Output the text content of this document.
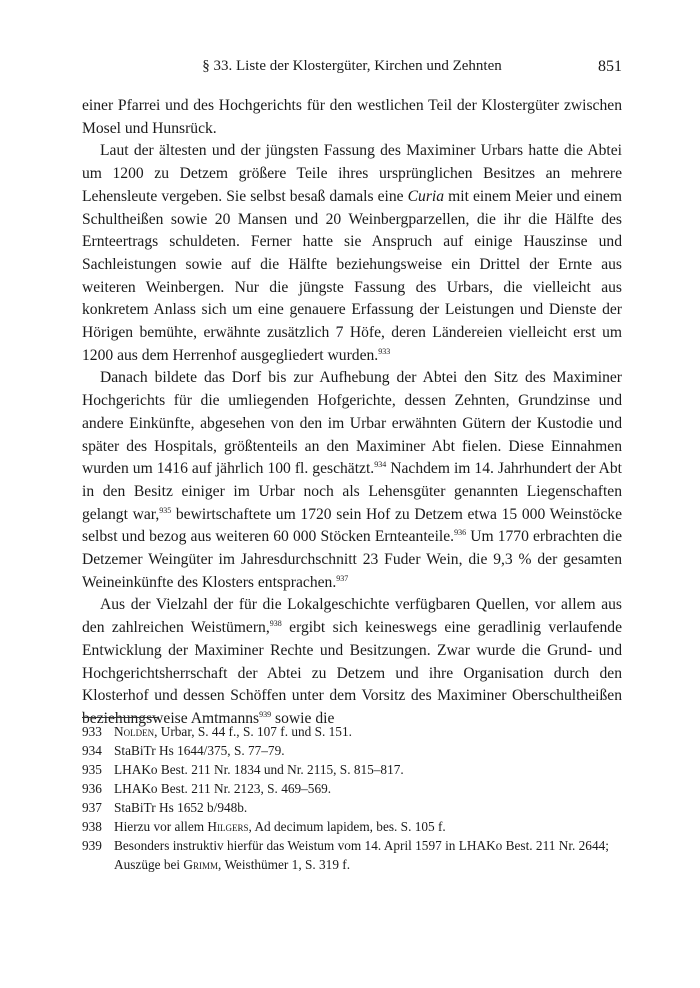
§ 33. Liste der Klostergüter, Kirchen und Zehnten	851

einer Pfarrei und des Hochgerichts für den westlichen Teil der Klostergüter zwischen Mosel und Hunsrück.

Laut der ältesten und der jüngsten Fassung des Maximiner Urbars hatte die Abtei um 1200 zu Detzem größere Teile ihres ursprünglichen Besitzes an mehrere Lehensleute vergeben. Sie selbst besaß damals eine Curia mit einem Meier und einem Schultheißen sowie 20 Mansen und 20 Weinbergparzellen, die ihr die Hälfte des Ernteertrags schuldeten. Ferner hatte sie Anspruch auf einige Hauszinse und Sachleistungen sowie auf die Hälfte beziehungsweise ein Drittel der Ernte aus weiteren Weinbergen. Nur die jüngste Fassung des Urbars, die vielleicht aus konkretem Anlass sich um eine genauere Erfassung der Leistungen und Dienste der Hörigen bemühte, erwähnte zusätzlich 7 Höfe, deren Ländereien vielleicht erst um 1200 aus dem Herrenhof ausgegliedert wurden.$^{933}$

Danach bildete das Dorf bis zur Aufhebung der Abtei den Sitz des Maximiner Hochgerichts für die umliegenden Hofgerichte, dessen Zehnten, Grundzinse und andere Einkünfte, abgesehen von den im Urbar erwähnten Gütern der Kustodie und später des Hospitals, größtenteils an den Maximiner Abt fielen. Diese Einnahmen wurden um 1416 auf jährlich 100 fl. geschätzt.$^{934}$ Nachdem im 14. Jahrhundert der Abt in den Besitz einiger im Urbar noch als Lehensgüter genannten Liegenschaften gelangt war,$^{935}$ bewirtschaftete um 1720 sein Hof zu Detzem etwa 15 000 Weinstöcke selbst und bezog aus weiteren 60 000 Stöcken Ernteanteile.$^{936}$ Um 1770 erbrachten die Detzemer Weingüter im Jahresdurchschnitt 23 Fuder Wein, die 9,3 % der gesamten Weineinkünfte des Klosters entsprachen.$^{937}$

Aus der Vielzahl der für die Lokalgeschichte verfügbaren Quellen, vor allem aus den zahlreichen Weistümern,$^{938}$ ergibt sich keineswegs eine geradlinig verlaufende Entwicklung der Maximiner Rechte und Besitzungen. Zwar wurde die Grund- und Hochgerichtsherrschaft der Abtei zu Detzem und ihre Organisation durch den Klosterhof und dessen Schöffen unter dem Vorsitz des Maximiner Oberschultheißen beziehungsweise Amtmanns$^{939}$ sowie die

933 Nolden, Urbar, S. 44 f., S. 107 f. und S. 151.
934 StaBiTr Hs 1644/375, S. 77–79.
935 LHAKo Best. 211 Nr. 1834 und Nr. 2115, S. 815–817.
936 LHAKo Best. 211 Nr. 2123, S. 469–569.
937 StaBiTr Hs 1652 b/948b.
938 Hierzu vor allem Hilgers, Ad decimum lapidem, bes. S. 105 f.
939 Besonders instruktiv hierfür das Weistum vom 14. April 1597 in LHAKo Best. 211 Nr. 2644; Auszüge bei Grimm, Weisthümer 1, S. 319 f.
